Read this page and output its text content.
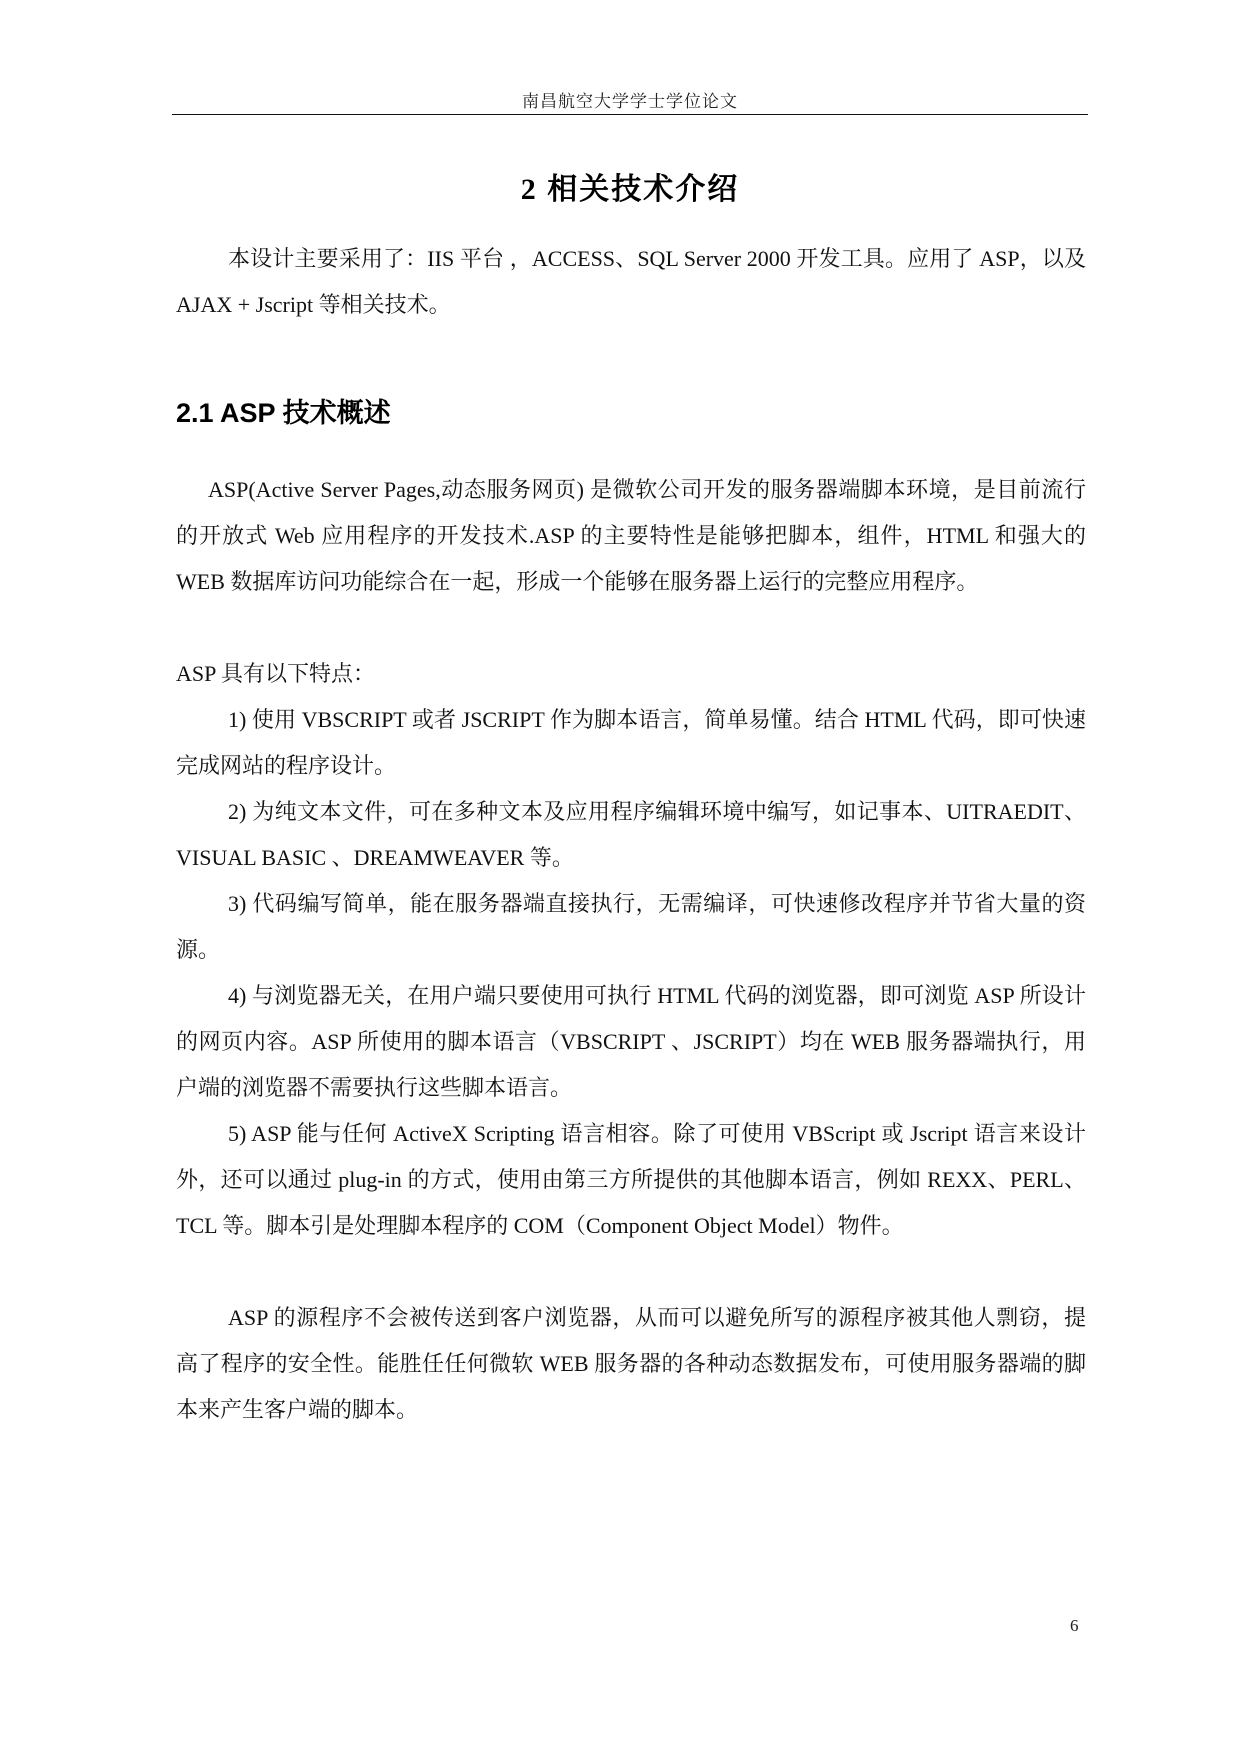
南昌航空大学学士学位论文
2 相关技术介绍

本设计主要采用了：IIS 平台 ，ACCESS、SQL Server 2000 开发工具。应用了 ASP，以及 AJAX + Jscript 等相关技术。

2.1 ASP 技术概述

ASP(Active Server Pages,动态服务网页) 是微软公司开发的服务器端脚本环境，是目前流行的开放式 Web 应用程序的开发技术.ASP 的主要特性是能够把脚本，组件，HTML 和强大的 WEB 数据库访问功能综合在一起，形成一个能够在服务器上运行的完整应用程序。

ASP 具有以下特点：

1) 使用 VBSCRIPT 或者 JSCRIPT 作为脚本语言，简单易懂。结合 HTML 代码，即可快速完成网站的程序设计。

2) 为纯文本文件，可在多种文本及应用程序编辑环境中编写，如记事本、UITRAEDIT、VISUAL BASIC 、DREAMWEAVER 等。

3) 代码编写简单，能在服务器端直接执行，无需编译，可快速修改程序并节省大量的资源。

4) 与浏览器无关，在用户端只要使用可执行 HTML 代码的浏览器，即可浏览 ASP 所设计的网页内容。ASP 所使用的脚本语言（VBSCRIPT 、JSCRIPT）均在 WEB 服务器端执行，用户端的浏览器不需要执行这些脚本语言。

5) ASP 能与任何 ActiveX Scripting 语言相容。除了可使用 VBScript 或 Jscript 语言来设计外，还可以通过 plug-in 的方式，使用由第三方所提供的其他脚本语言，例如 REXX、PERL、TCL 等。脚本引是处理脚本程序的 COM（Component Object Model）物件。

ASP 的源程序不会被传送到客户浏览器，从而可以避免所写的源程序被其他人剽窃，提高了程序的安全性。能胜任任何微软 WEB 服务器的各种动态数据发布，可使用服务器端的脚本来产生客户端的脚本。

6
